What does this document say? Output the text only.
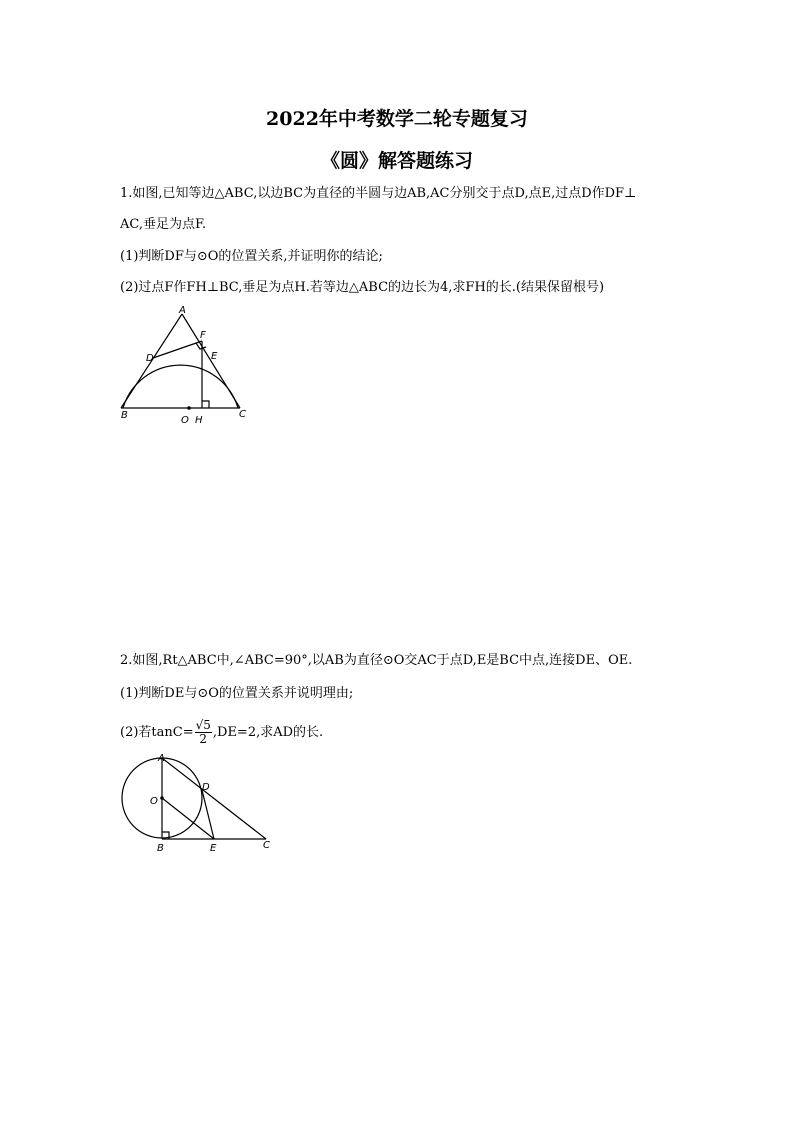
2022年中考数学二轮专题复习
《圆》解答题练习
1.如图,已知等边△ABC,以边BC为直径的半圆与边AB,AC分别交于点D,点E,过点D作DF⊥
AC,垂足为点F.
(1)判断DF与⊙O的位置关系,并证明你的结论;
(2)过点F作FH⊥BC,垂足为点H.若等边△ABC的边长为4,求FH的长.(结果保留根号)
A
F
D	E
B	O H
C
2.如图,Rt△ABC中,∠ABC=90°,以AB为直径⊙O交AC于点D,E是BC中点,连接DE、OE.
(1)判断DE与⊙O的位置关系并说明理由;
(2)若$\tan C= \frac{√5}{2} ,DE=2$,求AD的长.
A
D
O
B	E	C
